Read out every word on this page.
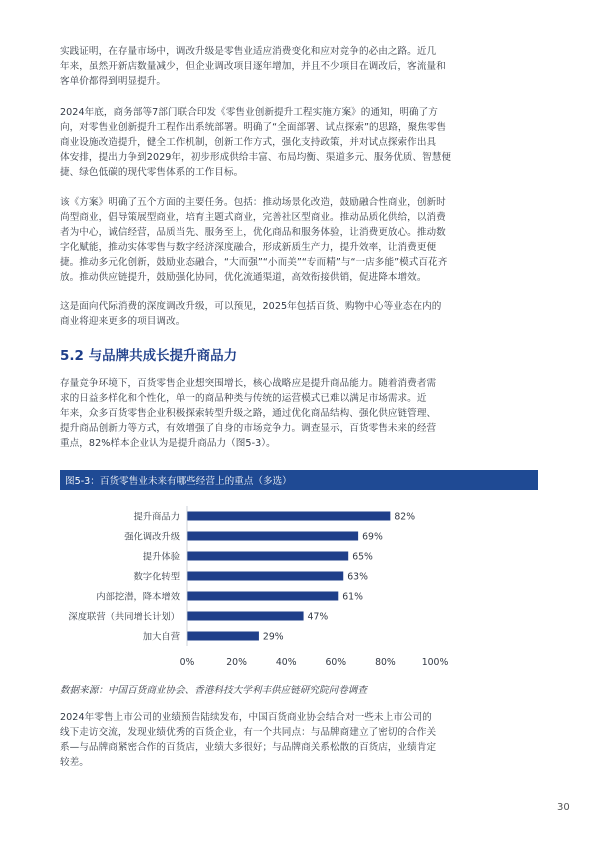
实践证明，在存量市场中，调改升级是零售业适应消费变化和应对竞争的必由之路。近几
年来，虽然开新店数量减少，但企业调改项目逐年增加，并且不少项目在调改后，客流量和
客单价都得到明显提升。
2024年底，商务部等7部门联合印发《零售业创新提升工程实施方案》的通知，明确了方
向，对零售业创新提升工程作出系统部署。明确了“全面部署、试点探索”的思路，聚焦零售
商业设施改造提升，健全工作机制，创新工作方式，强化支持政策，并对试点探索作出具
体安排，提出力争到2029年，初步形成供给丰富、布局均衡、渠道多元、服务优质、智慧便
捷、绿色低碳的现代零售体系的工作目标。
该《方案》明确了五个方面的主要任务。包括：推动场景化改造，鼓励融合性商业，创新时
尚型商业，倡导策展型商业，培育主题式商业，完善社区型商业。推动品质化供给，以消费
者为中心，诚信经营，品质当先、服务至上，优化商品和服务体验，让消费更放心。推动数
字化赋能，推动实体零售与数字经济深度融合，形成新质生产力，提升效率，让消费更便
捷。推动多元化创新，鼓励业态融合，“大而强”“小而美”“专而精”与“一店多能”模式百花齐
放。推动供应链提升，鼓励强化协同，优化流通渠道，高效衔接供销，促进降本增效。
这是面向代际消费的深度调改升级，可以预见，2025年包括百货、购物中心等业态在内的
商业将迎来更多的项目调改。
5.2 与品牌共成长提升商品力
存量竞争环境下，百货零售企业想突围增长，核心战略应是提升商品能力。随着消费者需
求的日益多样化和个性化，单一的商品种类与传统的运营模式已难以满足市场需求。近
年来，众多百货零售企业积极探索转型升级之路，通过优化商品结构、强化供应链管理、
提升商品创新力等方式，有效增强了自身的市场竞争力。调查显示，百货零售未来的经营
重点，82%样本企业认为是提升商品力（图5-3）。
图5-3：百货零售业未来有哪些经营上的重点（多选）
提升商品力	82%
强化调改升级	69%
提升体验	65%
数字化转型	63%
内部挖潜，降本增效	61%
深度联营（共同增长计划）	47%
加大自营	29%
0%	20%	40%	60%	80%	100%
数据来源：中国百货商业协会、香港科技大学利丰供应链研究院问卷调查
2024年零售上市公司的业绩预告陆续发布，中国百货商业协会结合对一些未上市公司的
线下走访交流，发现业绩优秀的百货企业，有一个共同点：与品牌商建立了密切的合作关
系—与品牌商紧密合作的百货店，业绩大多很好；与品牌商关系松散的百货店，业绩肯定
较差。
30
